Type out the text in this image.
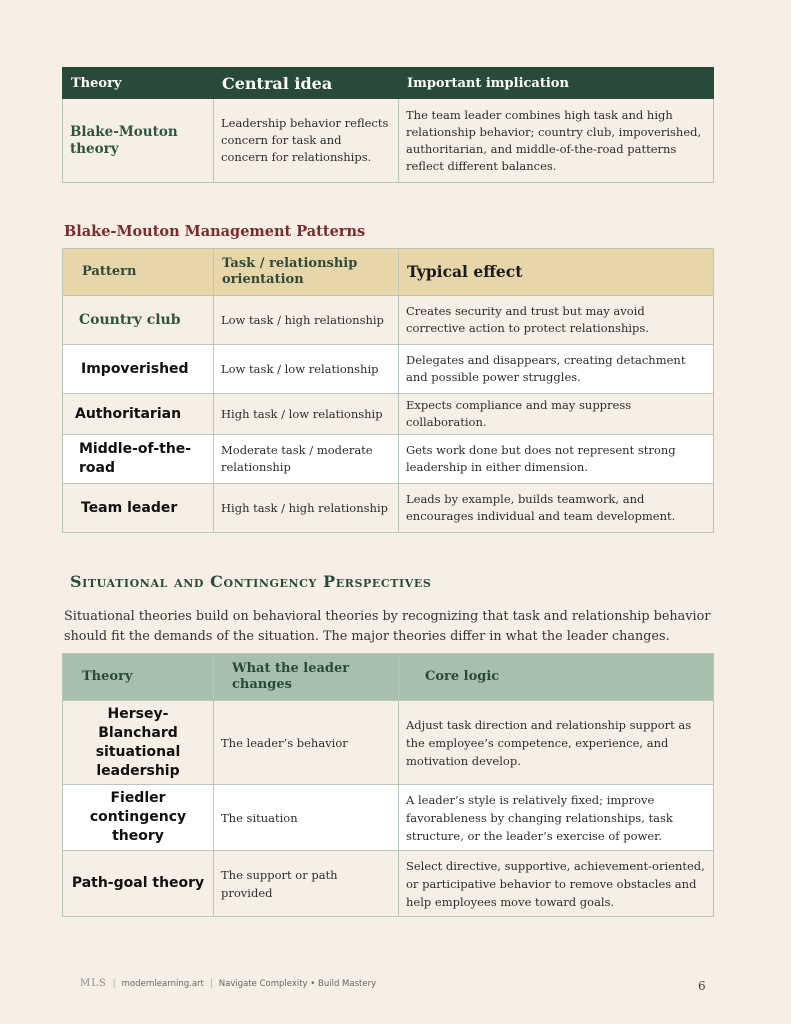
Theory	Central idea	Important implication
Blake-Mouton theory	Leadership behavior reflects concern for task and concern for relationships.	The team leader combines high task and high relationship behavior; country club, impoverished, authoritarian, and middle-of-the-road patterns reflect different balances.
Blake-Mouton Management Patterns
Pattern	Task / relationship orientation	Typical effect
Country club	Low task / high relationship	Creates security and trust but may avoid corrective action to protect relationships.
Impoverished	Low task / low relationship	Delegates and disappears, creating detachment and possible power struggles.
Authoritarian	High task / low relationship	Expects compliance and may suppress collaboration.
Middle-of-the-road	Moderate task / moderate relationship	Gets work done but does not represent strong leadership in either dimension.
Team leader	High task / high relationship	Leads by example, builds teamwork, and encourages individual and team development.
Situational and Contingency Perspectives

Situational theories build on behavioral theories by recognizing that task and relationship behavior should fit the demands of the situation. The major theories differ in what the leader changes.

Theory	What the leader changes	Core logic
Hersey-Blanchard situational leadership	The leader’s behavior	Adjust task direction and relationship support as the employee’s competence, experience, and motivation develop.
Fiedler contingency theory	The situation	A leader’s style is relatively fixed; improve favorableness by changing relationships, task structure, or the leader’s exercise of power.
Path-goal theory	The support or path provided	Select directive, supportive, achievement-oriented, or participative behavior to remove obstacles and help employees move toward goals.
MLS | modernlearning.art | Navigate Complexity • Build Mastery	6
